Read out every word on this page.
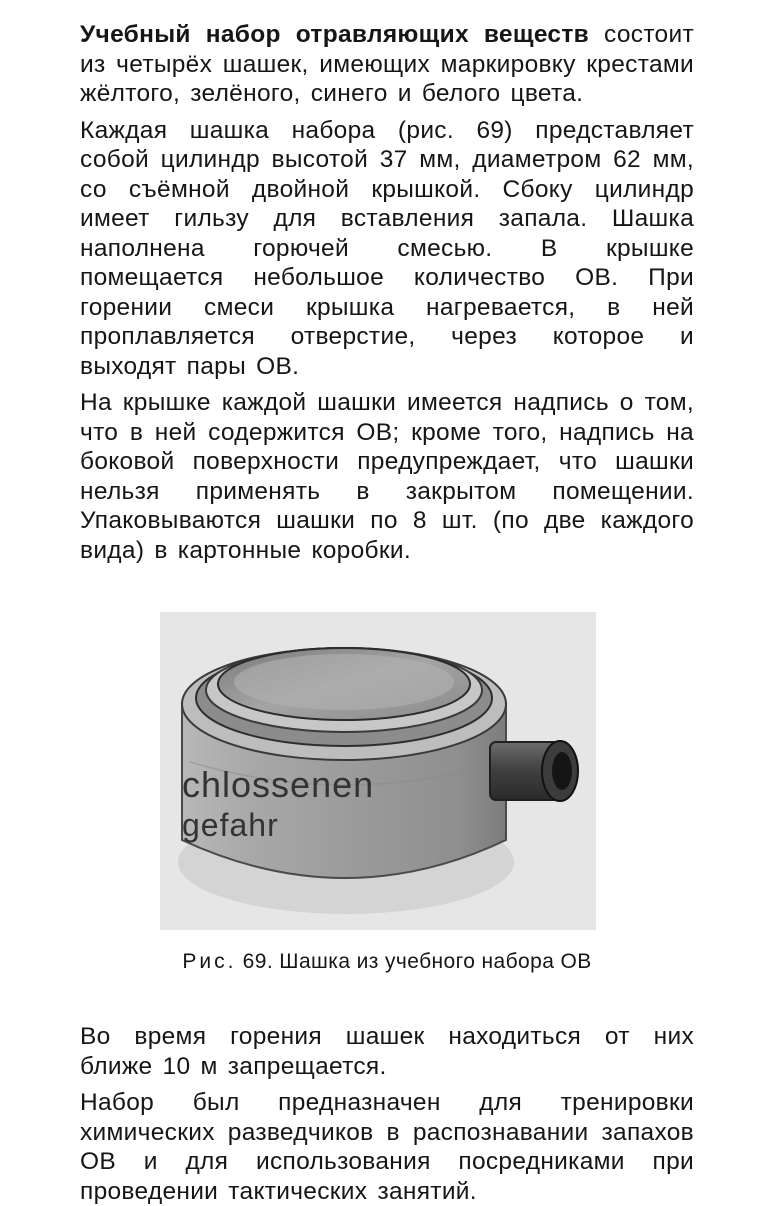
Учебный набор отравляющих веществ состоит из четырёх шашек, имеющих маркировку крестами жёлтого, зелёного, синего и белого цвета.

Каждая шашка набора (рис. 69) представляет собой цилиндр высотой 37 мм, диаметром 62 мм, со съёмной двойной крышкой. Сбоку цилиндр имеет гильзу для вставления запала. Шашка наполнена горючей смесью. В крышке помещается небольшое количество ОВ. При горении смеси крышка нагревается, в ней проплавляется отверстие, через которое и выходят пары ОВ.

На крышке каждой шашки имеется надпись о том, что в ней содержится ОВ; кроме того, надпись на боковой поверхности предупреждает, что шашки нельзя применять в закрытом помещении. Упаковываются шашки по 8 шт. (по две каждого вида) в картонные коробки.

chlossenen
gefahr
Рис. 69. Шашка из учебного набора ОВ

Во время горения шашек находиться от них ближе 10 м запрещается.

Набор был предназначен для тренировки химических разведчиков в распознавании запахов ОВ и для использования посредниками при проведении тактических занятий.
